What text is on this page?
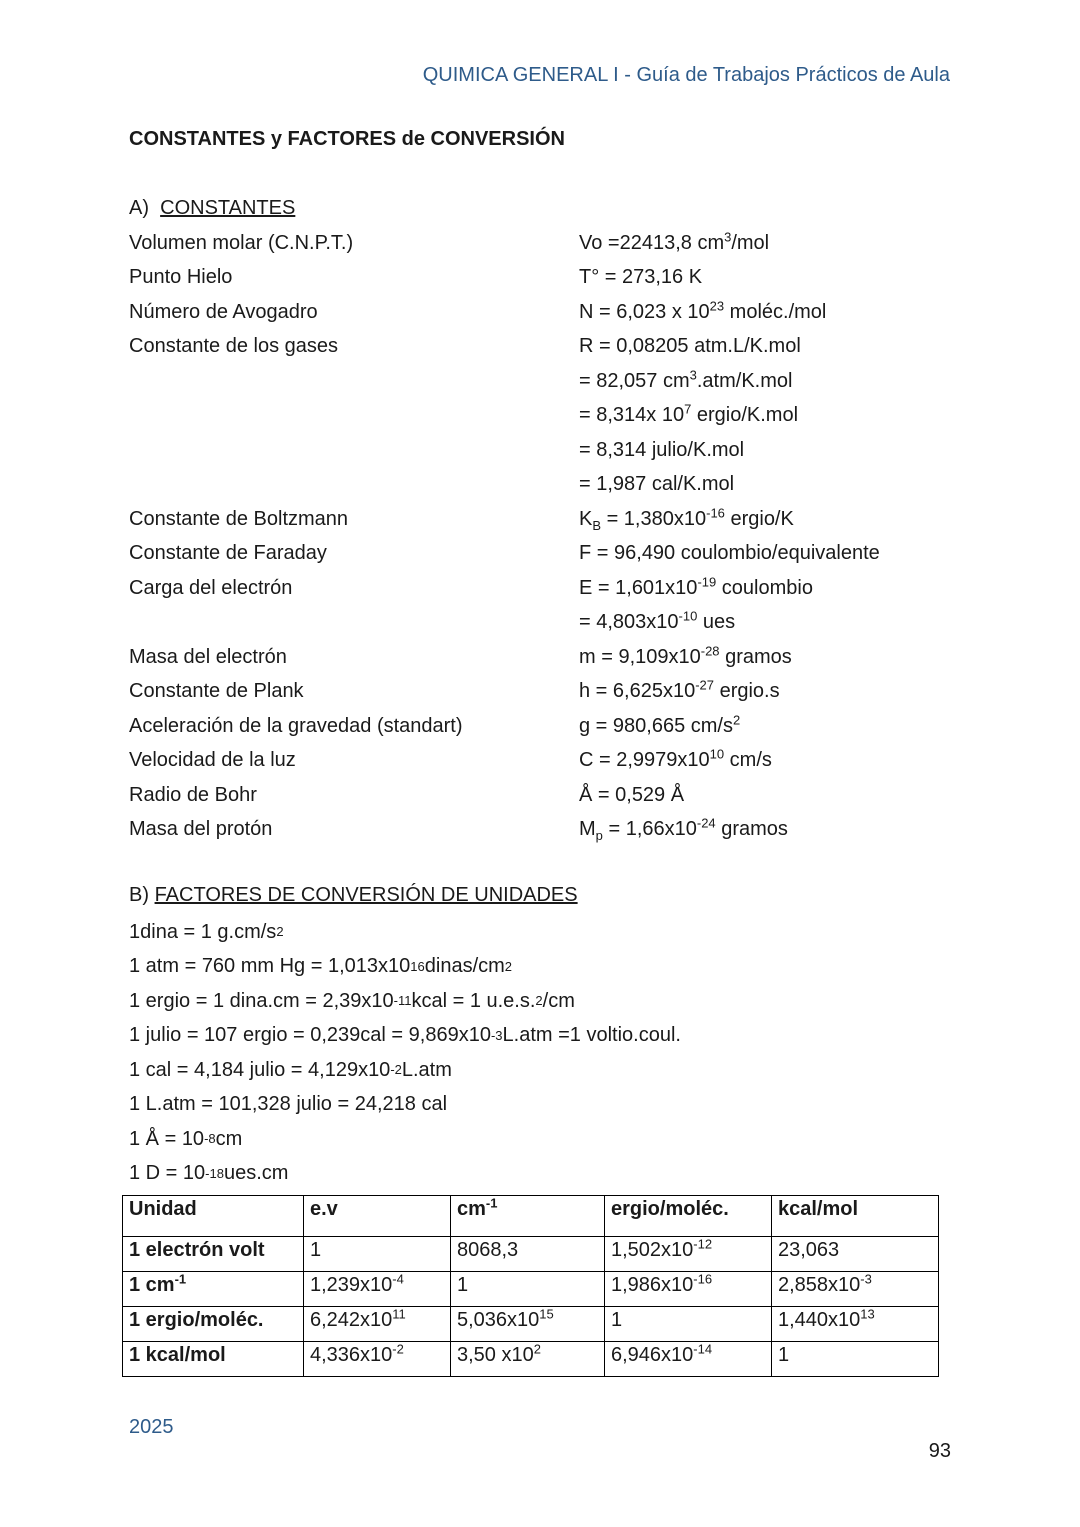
QUIMICA GENERAL I - Guía de Trabajos Prácticos de Aula
CONSTANTES y FACTORES de CONVERSIÓN
A) CONSTANTES
Volumen molar (C.N.P.T.)	Vo =22413,8 $cm^3$/mol
Punto Hielo	T° = 273,16 K
Número de Avogadro	N = 6,023 x $10^{23}$ moléc./mol
Constante de los gases	R = 0,08205 atm.L/K.mol
= 82,057 $cm^3.atm/K.mol$
= 8,314x $10^7$ ergio/K.mol
= 8,314 julio/K.mol
= 1,987 cal/K.mol
Constante de Boltzmann	$K_B = 1,380x10^{-16}$ ergio/K
Constante de Faraday	F = 96,490 coulombio/equivalente
Carga del electrón	$E = 1,601x10^{-19}$ coulombio
= $4,803x10^{-10}$ ues
Masa del electrón	$m = 9,109x10^{-28}$ gramos
Constante de Plank	$h = 6,625x10^{-27}$ ergio.s
Aceleración de la gravedad (standart)	g = 980,665 $cm/s^2$
Velocidad de la luz	$C = 2,9979x10^{10}$ cm/s
Radio de Bohr	Å = 0,529 Å
Masa del protón	$M_p = 1,66x10^{-24}$ gramos
B) FACTORES DE CONVERSIÓN DE UNIDADES
1dina = 1 g.cm/s 2
1 atm = 760 mm Hg = 1,013x10 16 dinas/cm 2
1 ergio = 1 dina.cm = 2,39x10 -11 kcal = 1 u.e.s. 2 /cm
1 julio = 107 ergio = 0,239cal = 9,869x10 -3 L.atm =1 voltio.coul.
1 cal = 4,184 julio = 4,129x10 -2 L.atm
1 L.atm = 101,328 julio = 24,218 cal
1 Å = 10 -8 cm
1 D = 10 -18 ues.cm
Unidad	e.v	$cm^{-1}$	ergio/moléc.	kcal/mol
1 electrón volt	1	8068,3	$1,502x10^{-12}$	23,063
1 $cm^{-1}$	$1,239x10^{-4}$	1	$1,986x10^{-16}$	$2,858x10^{-3}$
1 ergio/moléc.	$6,242x10^{11}$	$5,036x10^{15}$	1	$1,440x10^{13}$
1 kcal/mol	$4,336x10^{-2}$	3,50 $x10^2$	$6,946x10^{-14}$	1
2025
93
